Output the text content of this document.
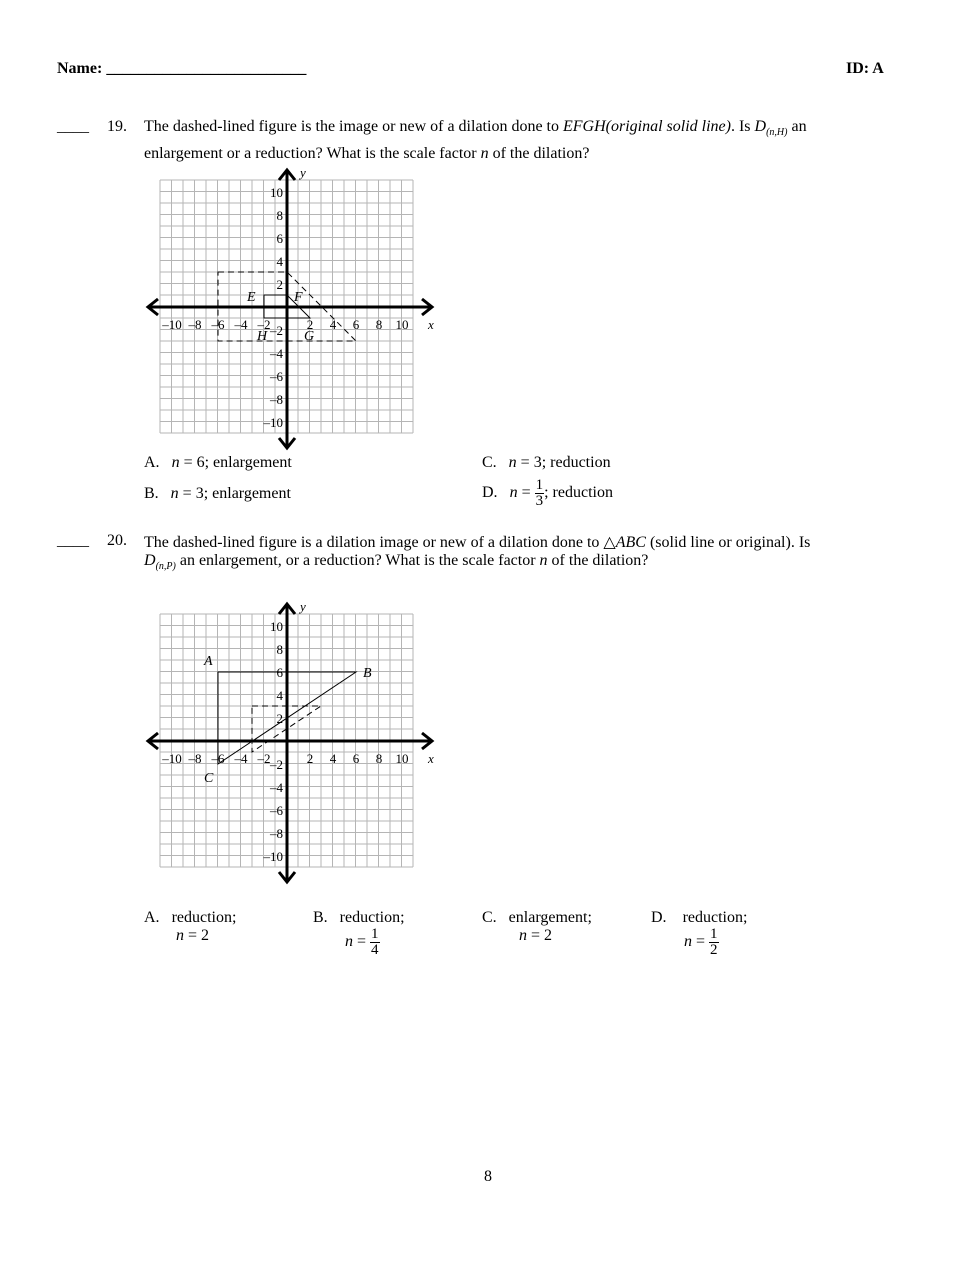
Name: _________________________	ID: A
____ 19. The dashed-lined figure is the image or new of a dilation done to EFGH(original solid line). Is $D_{(n,H)}$ an
enlargement or a reduction? What is the scale factor n of the dilation?
–10 –8 –6 –4 –2	2 4 6 8 10
10
8
6
4
2
–2
–4
–6
–8
–10
x
y
E	F
H	G
A. n = 6; enlargement
B. n = 3; enlargement
C. n = 3; reduction
D. $n = \frac{1}{3}$ ; reduction
____ 20. The dashed-lined figure is a dilation image or new of a dilation done to △ABC (solid line or original). Is
$D_{(n,P)}$ an enlargement, or a reduction? What is the scale factor n of the dilation?
–10 –8 –6 –4 –2	2 4 6 8 10
10
8
6
4
2
–2
–4
–6
–8
–10
x
y
A
B
C
A. reduction;
n = 2
B. reduction;
$n = \frac{1}{4}$
C. enlargement;
n = 2
D. reduction;
$n = \frac{1}{2}$
8
